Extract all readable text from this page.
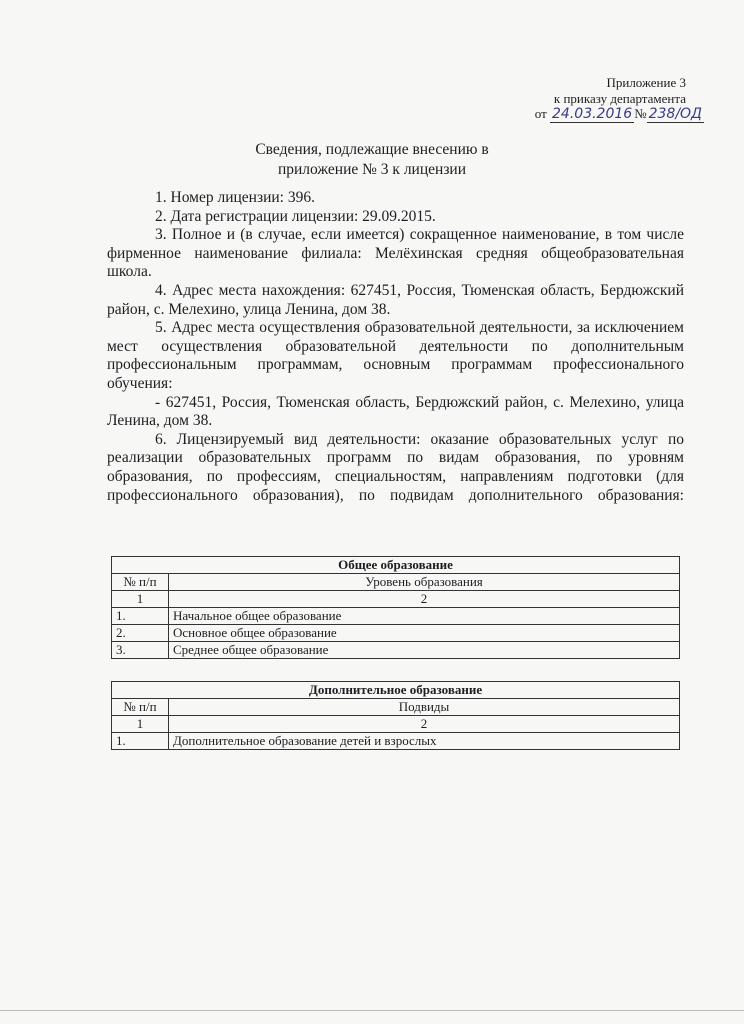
Приложение 3
к приказу департамента
от 24.03.2016 № 238/ОД
Сведения, подлежащие внесению в
приложение № 3 к лицензии

1. Номер лицензии: 396.

2. Дата регистрации лицензии: 29.09.2015.

3. Полное и (в случае, если имеется) сокращенное наименование, в том числе фирменное наименование филиала: Мелёхинская средняя общеобразовательная школа.

4. Адрес места нахождения: 627451, Россия, Тюменская область, Бердюжский район, с. Мелехино, улица Ленина, дом 38.

5. Адрес места осуществления образовательной деятельности, за исключением мест осуществления образовательной деятельности по дополнительным профессиональным программам, основным программам профессионального обучения:

- 627451, Россия, Тюменская область, Бердюжский район, с. Мелехино, улица Ленина, дом 38.

6. Лицензируемый вид деятельности: оказание образовательных услуг по реализации образовательных программ по видам образования, по уровням образования, по профессиям, специальностям, направлениям подготовки (для профессионального образования), по подвидам дополнительного образования:

Общее образование	
№ п/п	Уровень образования
1	2
1.	Начальное общее образование
2.	Основное общее образование
3.	Среднее общее образование
Дополнительное образование	
№ п/п	Подвиды
1	2
1.	Дополнительное образование детей и взрослых
